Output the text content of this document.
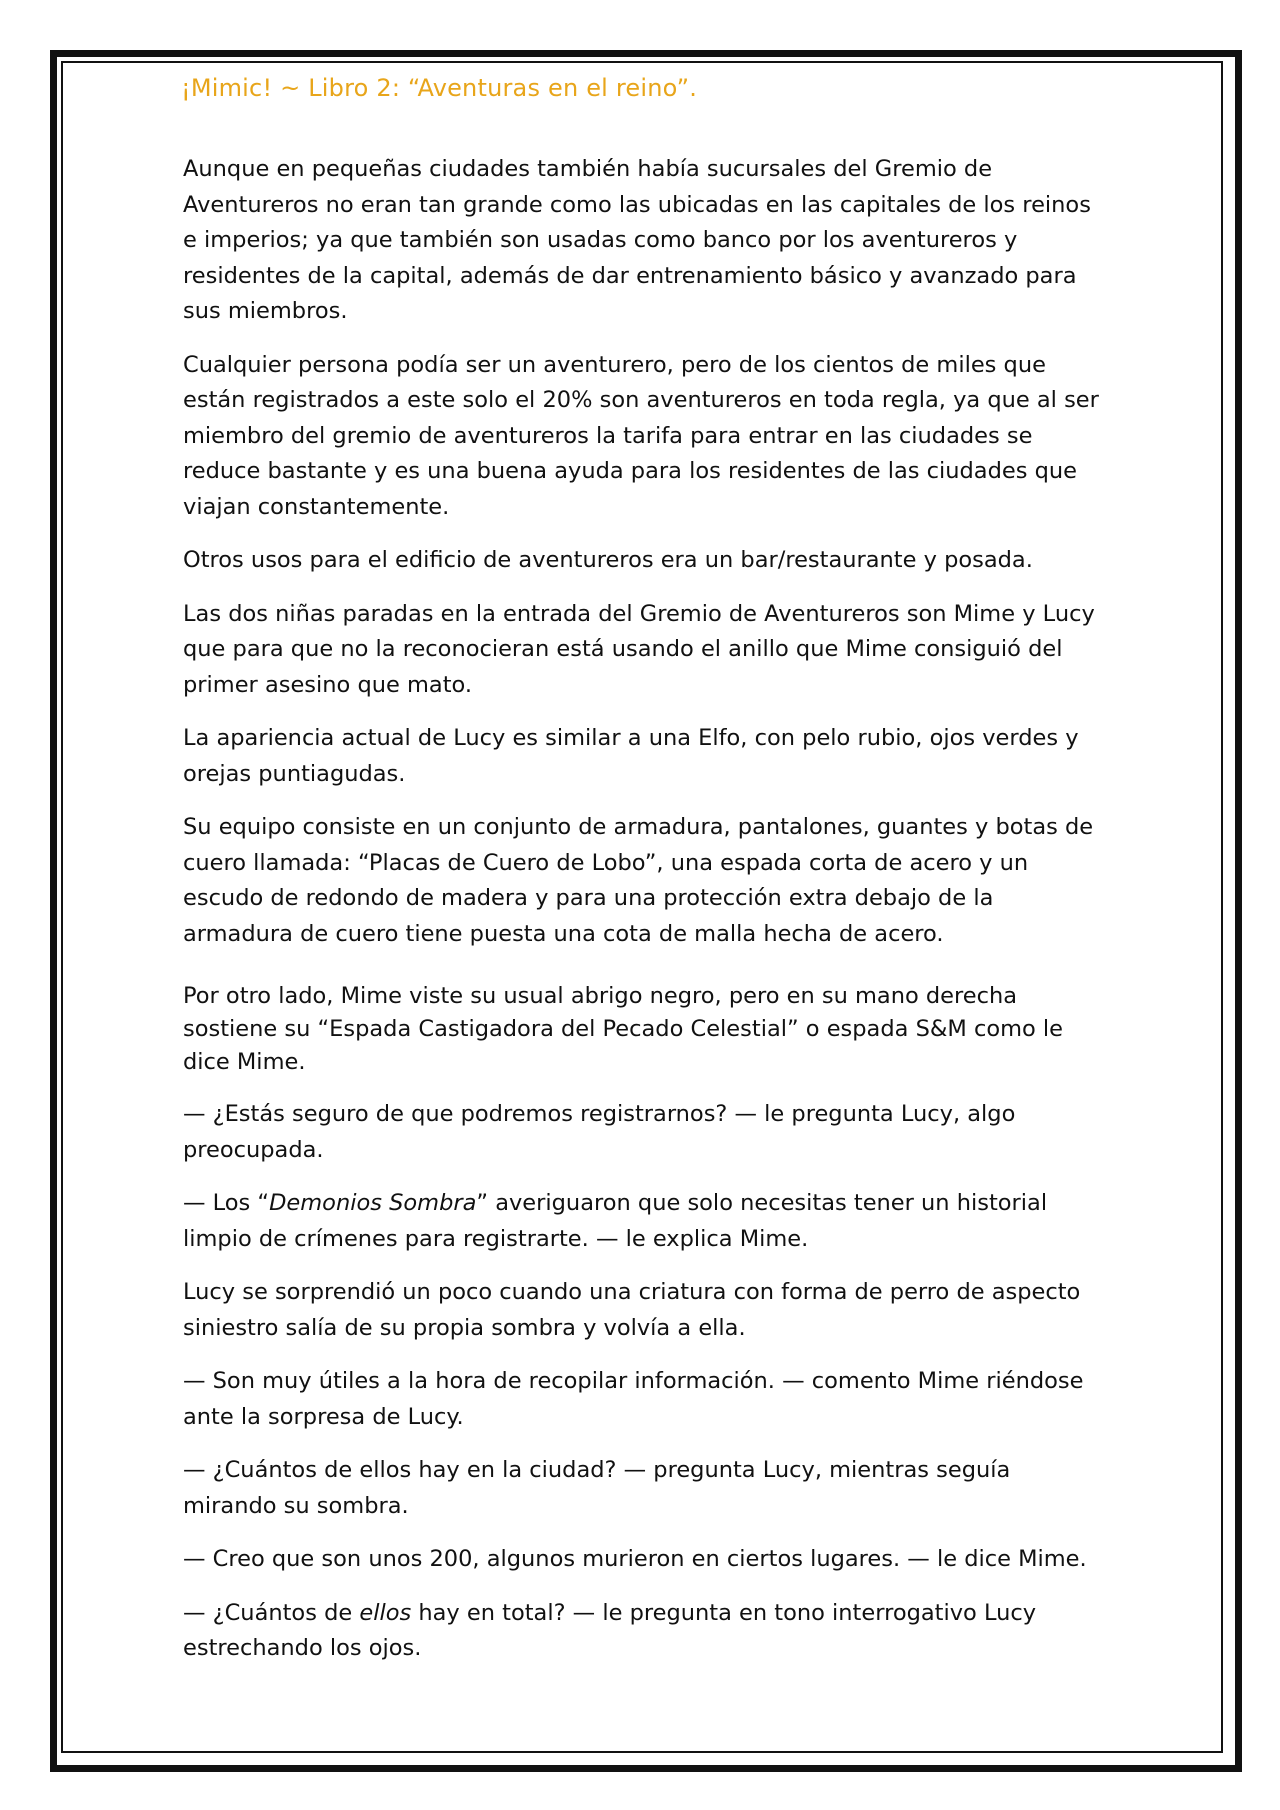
¡Mimic! ~ Libro 2: “Aventuras en el reino”.

Aunque en pequeñas ciudades también había sucursales del Gremio de Aventureros no eran tan grande como las ubicadas en las capitales de los reinos e imperios; ya que también son usadas como banco por los aventureros y residentes de la capital, además de dar entrenamiento básico y avanzado para sus miembros.

Cualquier persona podía ser un aventurero, pero de los cientos de miles que están registrados a este solo el 20% son aventureros en toda regla, ya que al ser miembro del gremio de aventureros la tarifa para entrar en las ciudades se reduce bastante y es una buena ayuda para los residentes de las ciudades que viajan constantemente.

Otros usos para el edificio de aventureros era un bar/restaurante y posada.

Las dos niñas paradas en la entrada del Gremio de Aventureros son Mime y Lucy que para que no la reconocieran está usando el anillo que Mime consiguió del primer asesino que mato.

La apariencia actual de Lucy es similar a una Elfo, con pelo rubio, ojos verdes y orejas puntiagudas.

Su equipo consiste en un conjunto de armadura, pantalones, guantes y botas de cuero llamada: “Placas de Cuero de Lobo”, una espada corta de acero y un escudo de redondo de madera y para una protección extra debajo de la armadura de cuero tiene puesta una cota de malla hecha de acero.

Por otro lado, Mime viste su usual abrigo negro, pero en su mano derecha sostiene su “Espada Castigadora del Pecado Celestial” o espada S&M como le dice Mime.

— ¿Estás seguro de que podremos registrarnos? — le pregunta Lucy, algo preocupada.

— Los “Demonios Sombra” averiguaron que solo necesitas tener un historial limpio de crímenes para registrarte. — le explica Mime.

Lucy se sorprendió un poco cuando una criatura con forma de perro de aspecto siniestro salía de su propia sombra y volvía a ella.

— Son muy útiles a la hora de recopilar información. — comento Mime riéndose ante la sorpresa de Lucy.

— ¿Cuántos de ellos hay en la ciudad? — pregunta Lucy, mientras seguía mirando su sombra.

— Creo que son unos 200, algunos murieron en ciertos lugares. — le dice Mime.

— ¿Cuántos de ellos hay en total? — le pregunta en tono interrogativo Lucy estrechando los ojos.
